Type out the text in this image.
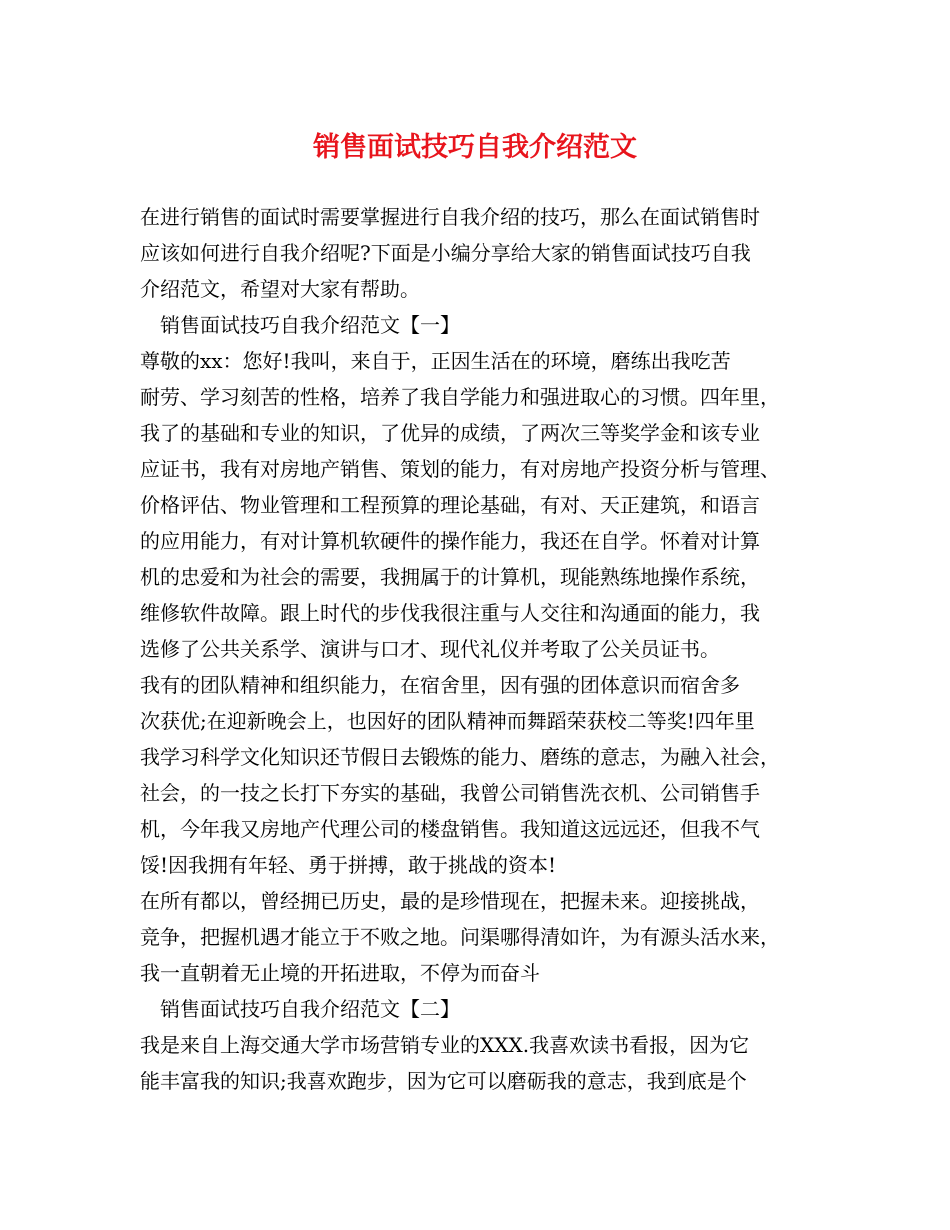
销售面试技巧自我介绍范文
在进行销售的面试时需要掌握进行自我介绍的技巧，那么在面试销售时
应该如何进行自我介绍呢?下面是小编分享给大家的销售面试技巧自我
介绍范文，希望对大家有帮助。
　销售面试技巧自我介绍范文【一】
尊敬的xx：您好!我叫，来自于，正因生活在的环境，磨练出我吃苦
耐劳、学习刻苦的性格，培养了我自学能力和强进取心的习惯。四年里，
我了的基础和专业的知识，了优异的成绩，了两次三等奖学金和该专业
应证书，我有对房地产销售、策划的能力，有对房地产投资分析与管理、
价格评估、物业管理和工程预算的理论基础，有对、天正建筑，和语言
的应用能力，有对计算机软硬件的操作能力，我还在自学。怀着对计算
机的忠爱和为社会的需要，我拥属于的计算机，现能熟练地操作系统，
维修软件故障。跟上时代的步伐我很注重与人交往和沟通面的能力，我
选修了公共关系学、演讲与口才、现代礼仪并考取了公关员证书。
我有的团队精神和组织能力，在宿舍里，因有强的团体意识而宿舍多
次获优;在迎新晚会上，也因好的团队精神而舞蹈荣获校二等奖!四年里
我学习科学文化知识还节假日去锻炼的能力、磨练的意志，为融入社会，
社会，的一技之长打下夯实的基础，我曾公司销售洗衣机、公司销售手
机，今年我又房地产代理公司的楼盘销售。我知道这远远还，但我不气
馁!因我拥有年轻、勇于拼搏，敢于挑战的资本!
在所有都以，曾经拥已历史，最的是珍惜现在，把握未来。迎接挑战，
竞争，把握机遇才能立于不败之地。问渠哪得清如许，为有源头活水来，
我一直朝着无止境的开拓进取，不停为而奋斗
　销售面试技巧自我介绍范文【二】
我是来自上海交通大学市场营销专业的XXX.我喜欢读书看报，因为它
能丰富我的知识;我喜欢跑步，因为它可以磨砺我的意志，我到底是个
